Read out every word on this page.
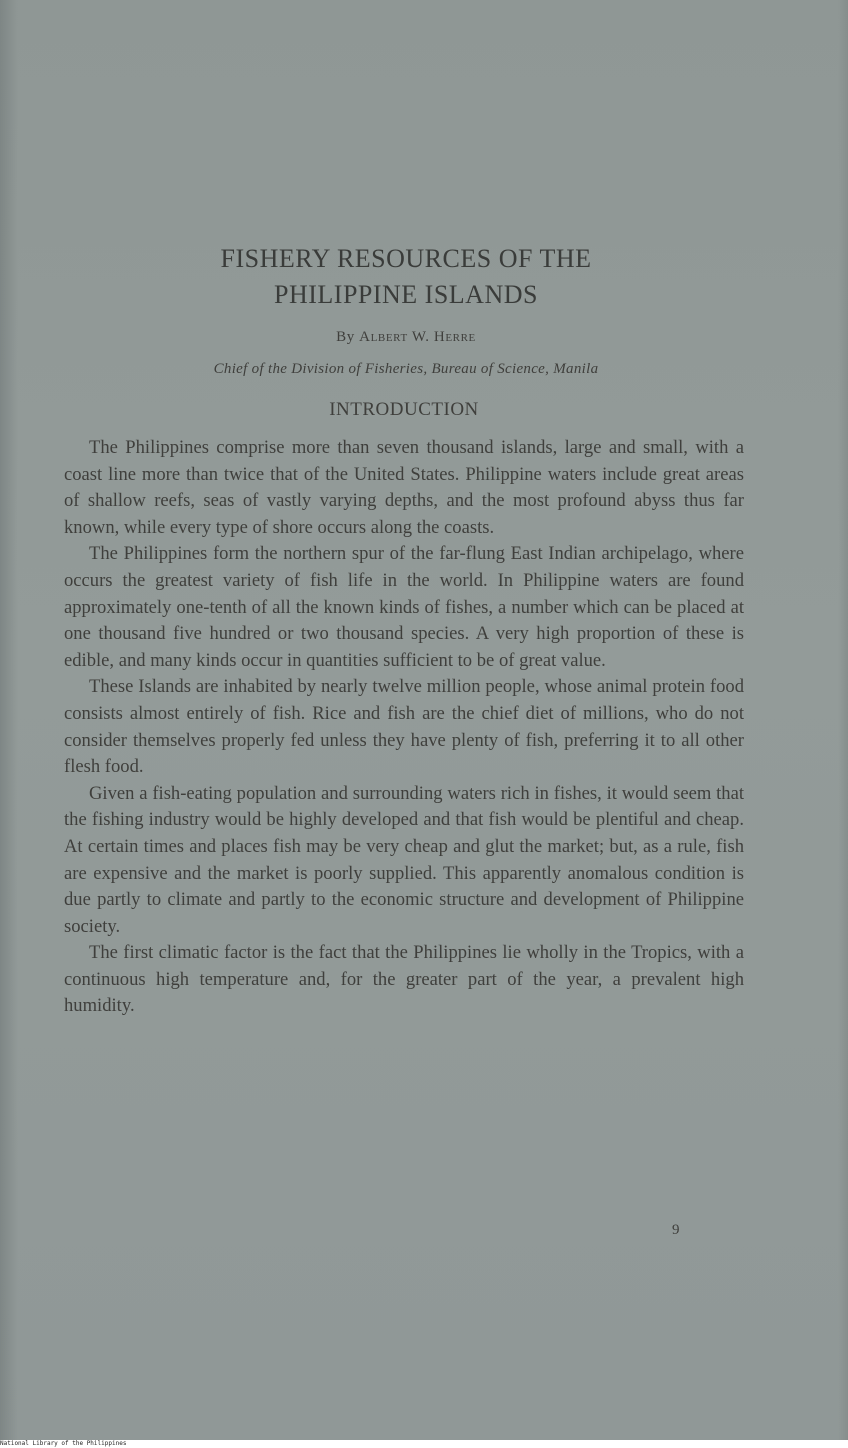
FISHERY RESOURCES OF THE
PHILIPPINE ISLANDS
By Albert W. Herre
Chief of the Division of Fisheries, Bureau of Science, Manila
INTRODUCTION

The Philippines comprise more than seven thousand islands, large and small, with a coast line more than twice that of the United States. Philippine waters include great areas of shallow reefs, seas of vastly varying depths, and the most profound abyss thus far known, while every type of shore occurs along the coasts.

The Philippines form the northern spur of the far-flung East Indian archipelago, where occurs the greatest variety of fish life in the world. In Philippine waters are found approximately one-tenth of all the known kinds of fishes, a number which can be placed at one thousand five hundred or two thousand species. A very high proportion of these is edible, and many kinds occur in quantities sufficient to be of great value.

These Islands are inhabited by nearly twelve million people, whose animal protein food consists almost entirely of fish. Rice and fish are the chief diet of millions, who do not consider themselves properly fed unless they have plenty of fish, preferring it to all other flesh food.

Given a fish-eating population and surrounding waters rich in fishes, it would seem that the fishing industry would be highly developed and that fish would be plentiful and cheap. At certain times and places fish may be very cheap and glut the market; but, as a rule, fish are expensive and the market is poorly supplied. This apparently anomalous condition is due partly to climate and partly to the economic structure and development of Philippine society.

The first climatic factor is the fact that the Philippines lie wholly in the Tropics, with a continuous high temperature and, for the greater part of the year, a prevalent high humidity.

9
National Library of the Philippines
